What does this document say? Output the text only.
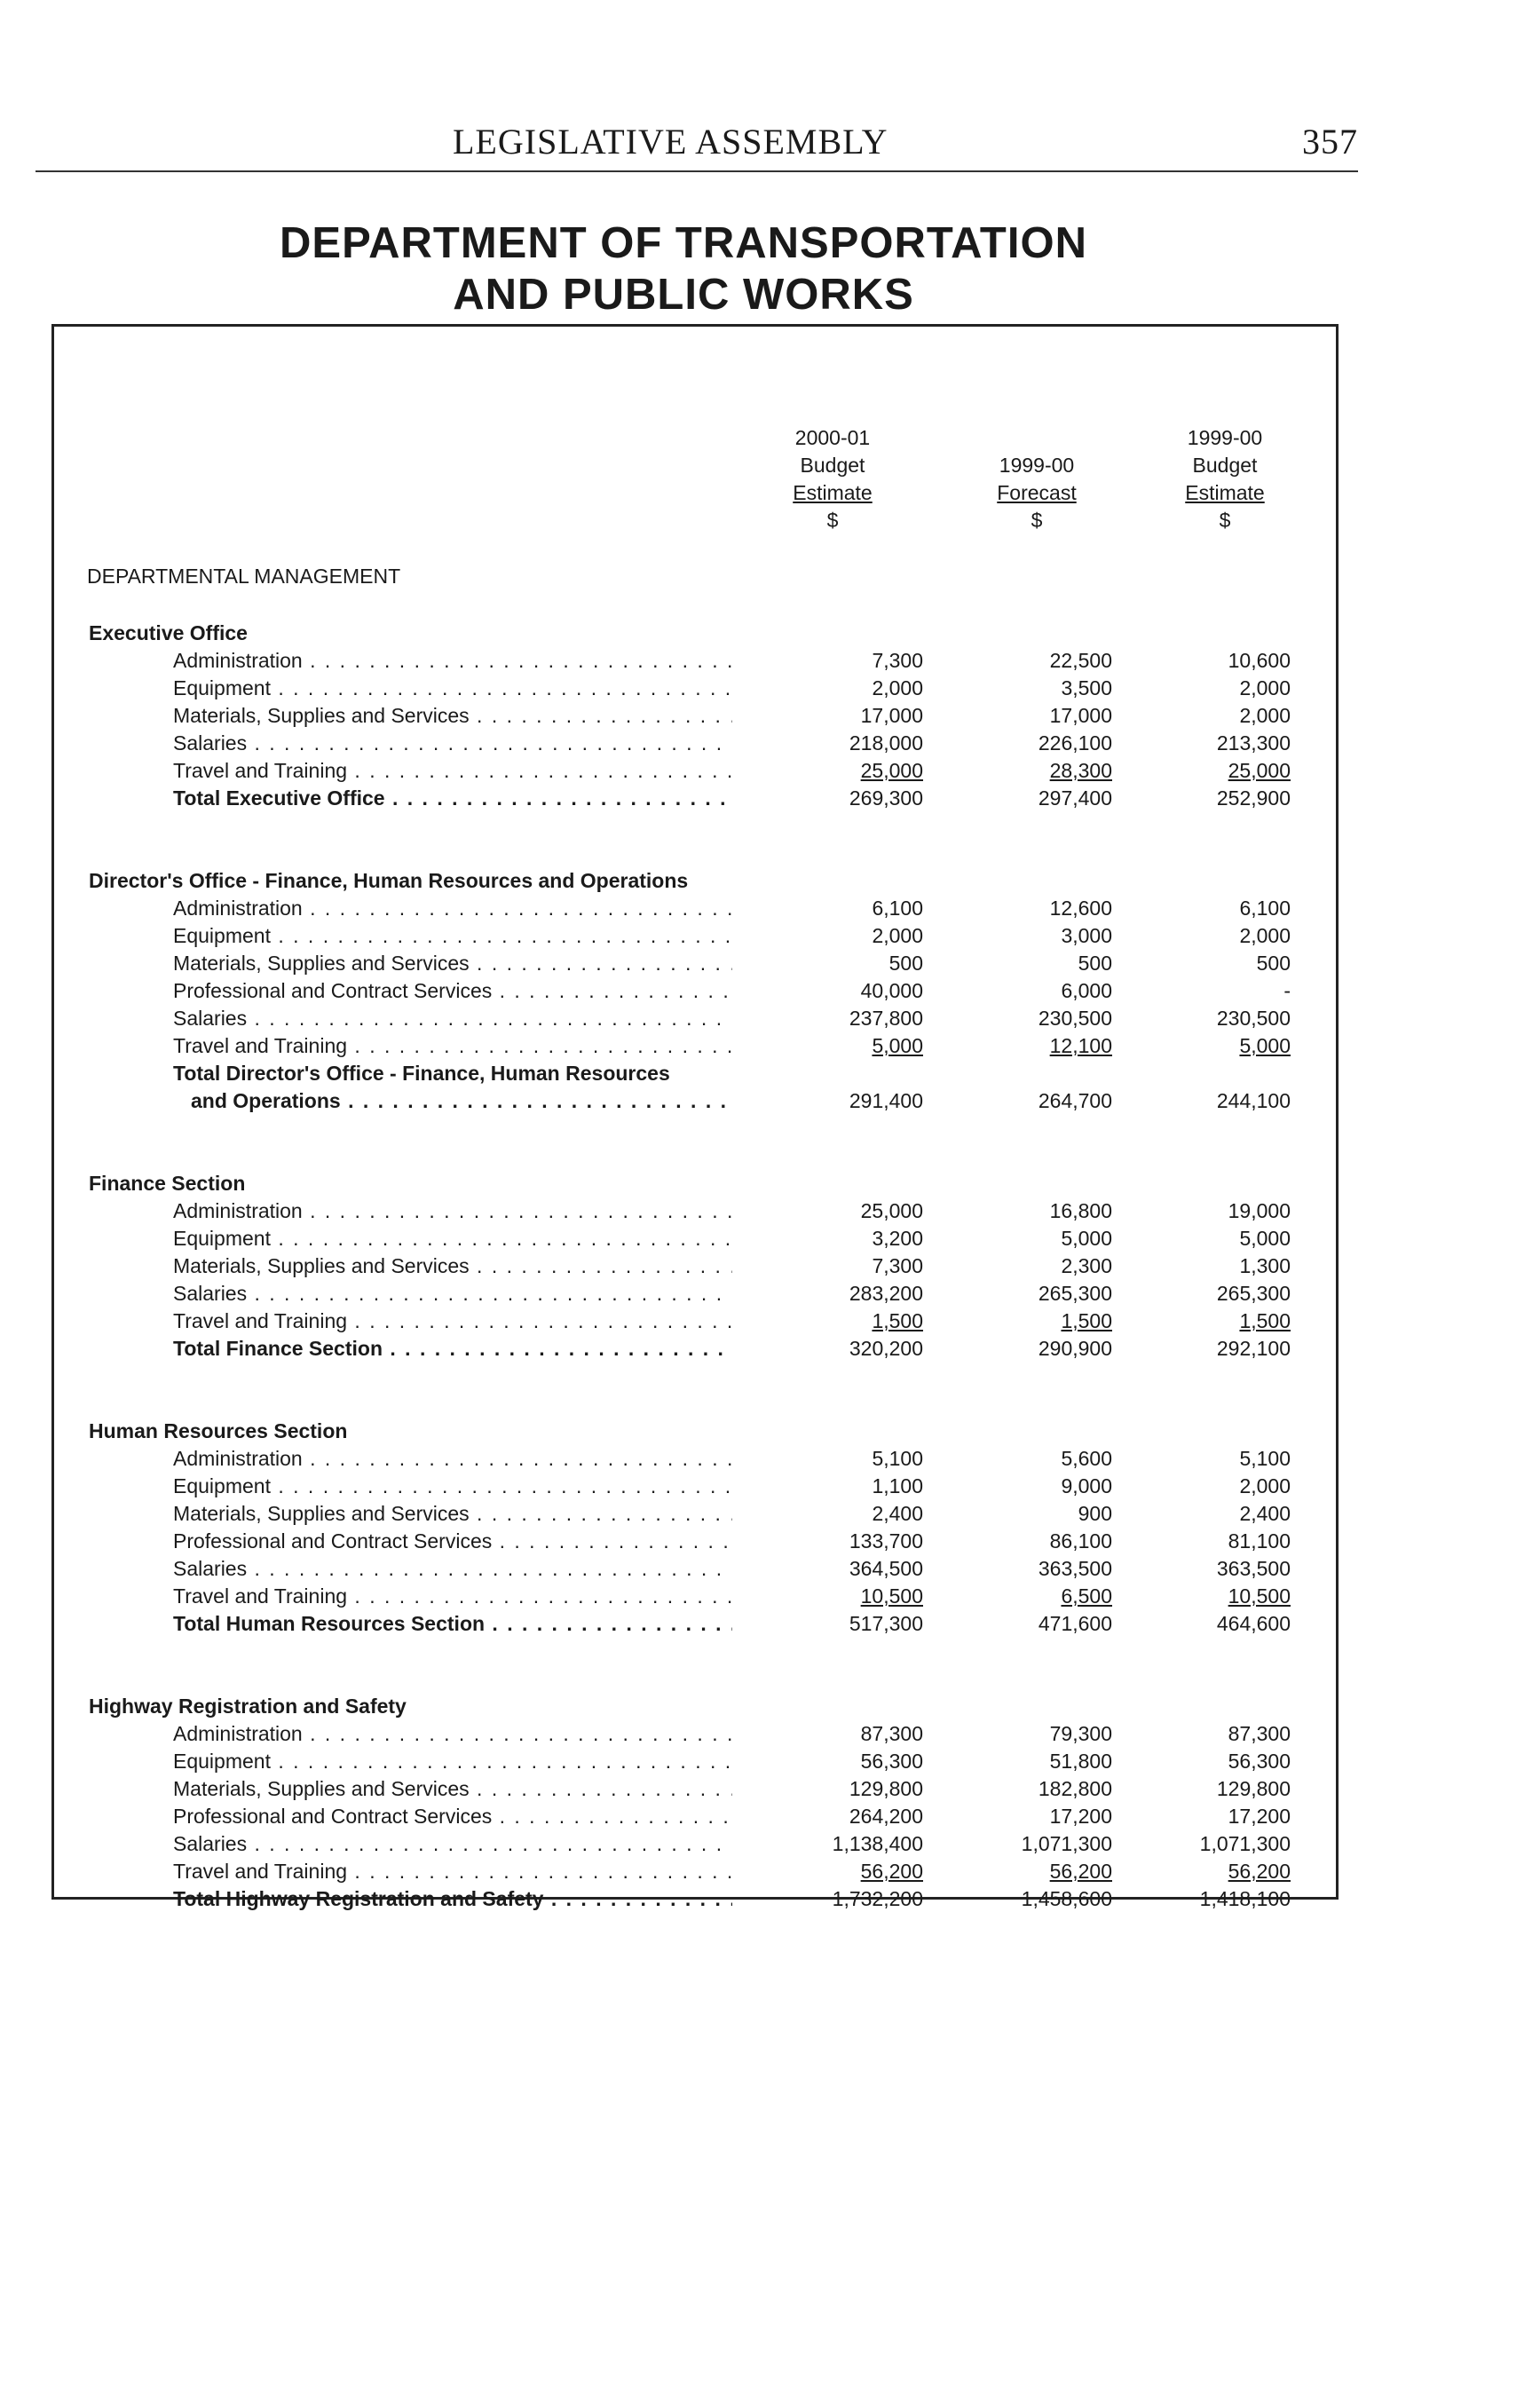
LEGISLATIVE ASSEMBLY	357
DEPARTMENT OF TRANSPORTATION
AND PUBLIC WORKS
2000-01
Budget
Estimate
$
1999-00
Forecast
$
1999-00
Budget
Estimate
$
DEPARTMENTAL MANAGEMENT
Executive Office
Administration . . .	7,300	22,500	10,600
Equipment . . .	2,000	3,500	2,000
Materials, Supplies and Services . . .	17,000	17,000	2,000
Salaries . . .	218,000	226,100	213,300
Travel and Training . . .	25,000	28,300	25,000
Total Executive Office . . .	269,300	297,400	252,900
Director's Office - Finance, Human Resources and Operations
Administration . . .	6,100	12,600	6,100
Equipment . . .	2,000	3,000	2,000
Materials, Supplies and Services . . .	500	500	500
Professional and Contract Services . . .	40,000	6,000	-
Salaries . . .	237,800	230,500	230,500
Travel and Training . . .	5,000	12,100	5,000
Total Director's Office - Finance, Human Resources
and Operations . . .	291,400	264,700	244,100
Finance Section
Administration . . .	25,000	16,800	19,000
Equipment . . .	3,200	5,000	5,000
Materials, Supplies and Services . . .	7,300	2,300	1,300
Salaries . . .	283,200	265,300	265,300
Travel and Training . . .	1,500	1,500	1,500
Total Finance Section . . .	320,200	290,900	292,100
Human Resources Section
Administration . . .	5,100	5,600	5,100
Equipment . . .	1,100	9,000	2,000
Materials, Supplies and Services . . .	2,400	900	2,400
Professional and Contract Services . . .	133,700	86,100	81,100
Salaries . . .	364,500	363,500	363,500
Travel and Training . . .	10,500	6,500	10,500
Total Human Resources Section . . .	517,300	471,600	464,600
Highway Registration and Safety
Administration . . .	87,300	79,300	87,300
Equipment . . .	56,300	51,800	56,300
Materials, Supplies and Services . . .	129,800	182,800	129,800
Professional and Contract Services . . .	264,200	17,200	17,200
Salaries . . .	1,138,400	1,071,300	1,071,300
Travel and Training . . .	56,200	56,200	56,200
Total Highway Registration and Safety . . .	1,732,200	1,458,600	1,418,100
